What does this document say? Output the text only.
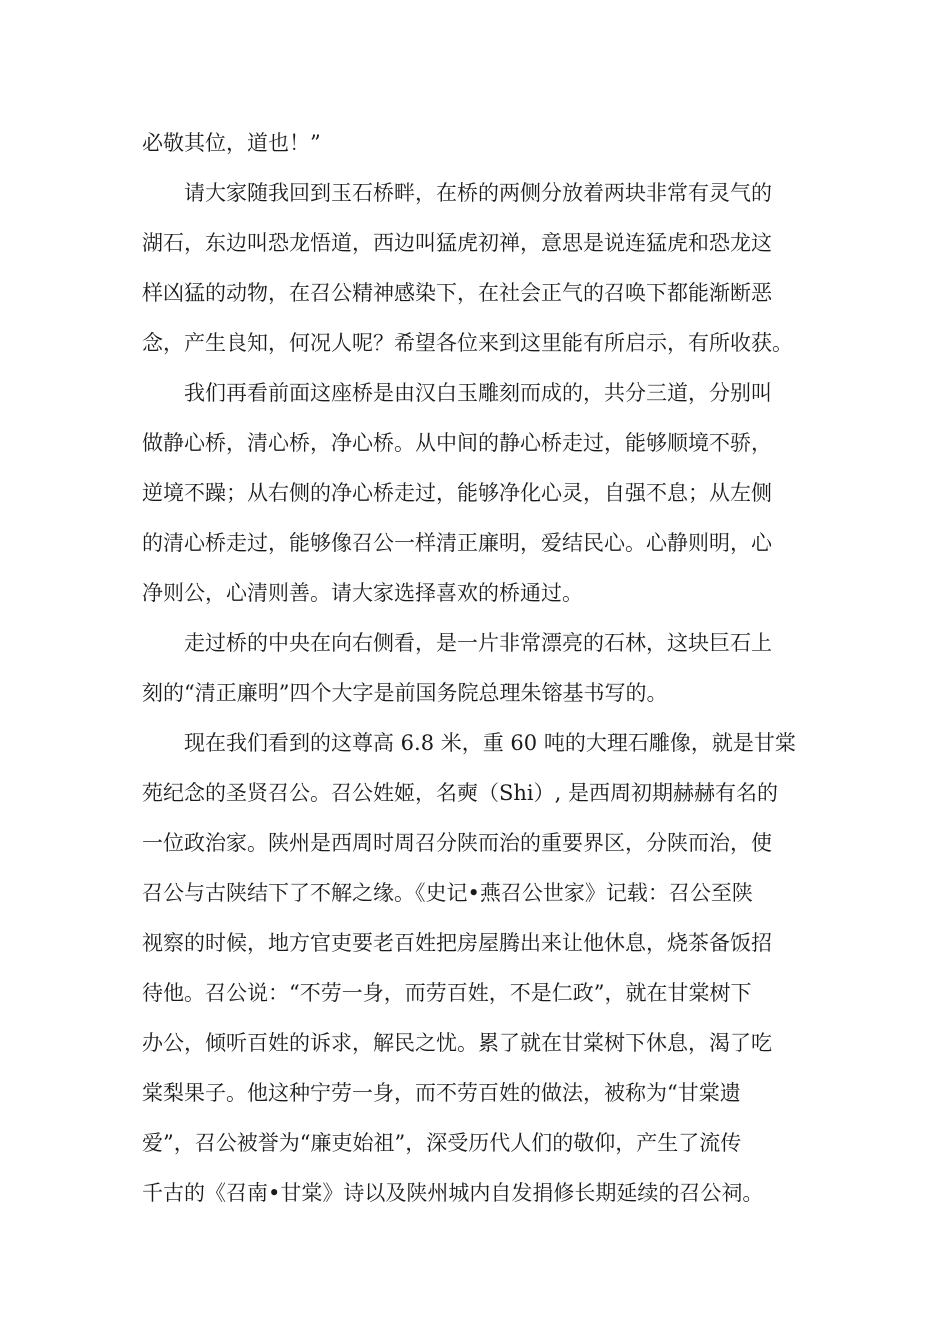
必敬其位，道也！”
请大家随我回到玉石桥畔，在桥的两侧分放着两块非常有灵气的
湖石，东边叫恐龙悟道，西边叫猛虎初禅，意思是说连猛虎和恐龙这
样凶猛的动物，在召公精神感染下，在社会正气的召唤下都能渐断恶
念，产生良知，何况人呢？希望各位来到这里能有所启示，有所收获。
我们再看前面这座桥是由汉白玉雕刻而成的，共分三道，分别叫
做静心桥，清心桥，净心桥。从中间的静心桥走过，能够顺境不骄，
逆境不躁；从右侧的净心桥走过，能够净化心灵，自强不息；从左侧
的清心桥走过，能够像召公一样清正廉明，爱结民心。心静则明，心
净则公，心清则善。请大家选择喜欢的桥通过。
走过桥的中央在向右侧看，是一片非常漂亮的石林，这块巨石上
刻的“清正廉明”四个大字是前国务院总理朱镕基书写的。
现在我们看到的这尊高 6.8 米，重 60 吨的大理石雕像，就是甘棠
苑纪念的圣贤召公。召公姓姬，名奭（Shi）, 是西周初期赫赫有名的
一位政治家。陕州是西周时周召分陕而治的重要界区，分陕而治，使
召公与古陕结下了不解之缘。《史记•燕召公世家》记载：召公至陕
视察的时候，地方官吏要老百姓把房屋腾出来让他休息，烧茶备饭招
待他。召公说：“不劳一身，而劳百姓，不是仁政”，就在甘棠树下
办公，倾听百姓的诉求，解民之忧。累了就在甘棠树下休息，渴了吃
棠梨果子。他这种宁劳一身，而不劳百姓的做法，被称为“甘棠遗
爱”，召公被誉为“廉吏始祖”，深受历代人们的敬仰，产生了流传
千古的《召南•甘棠》诗以及陕州城内自发捐修长期延续的召公祠。
